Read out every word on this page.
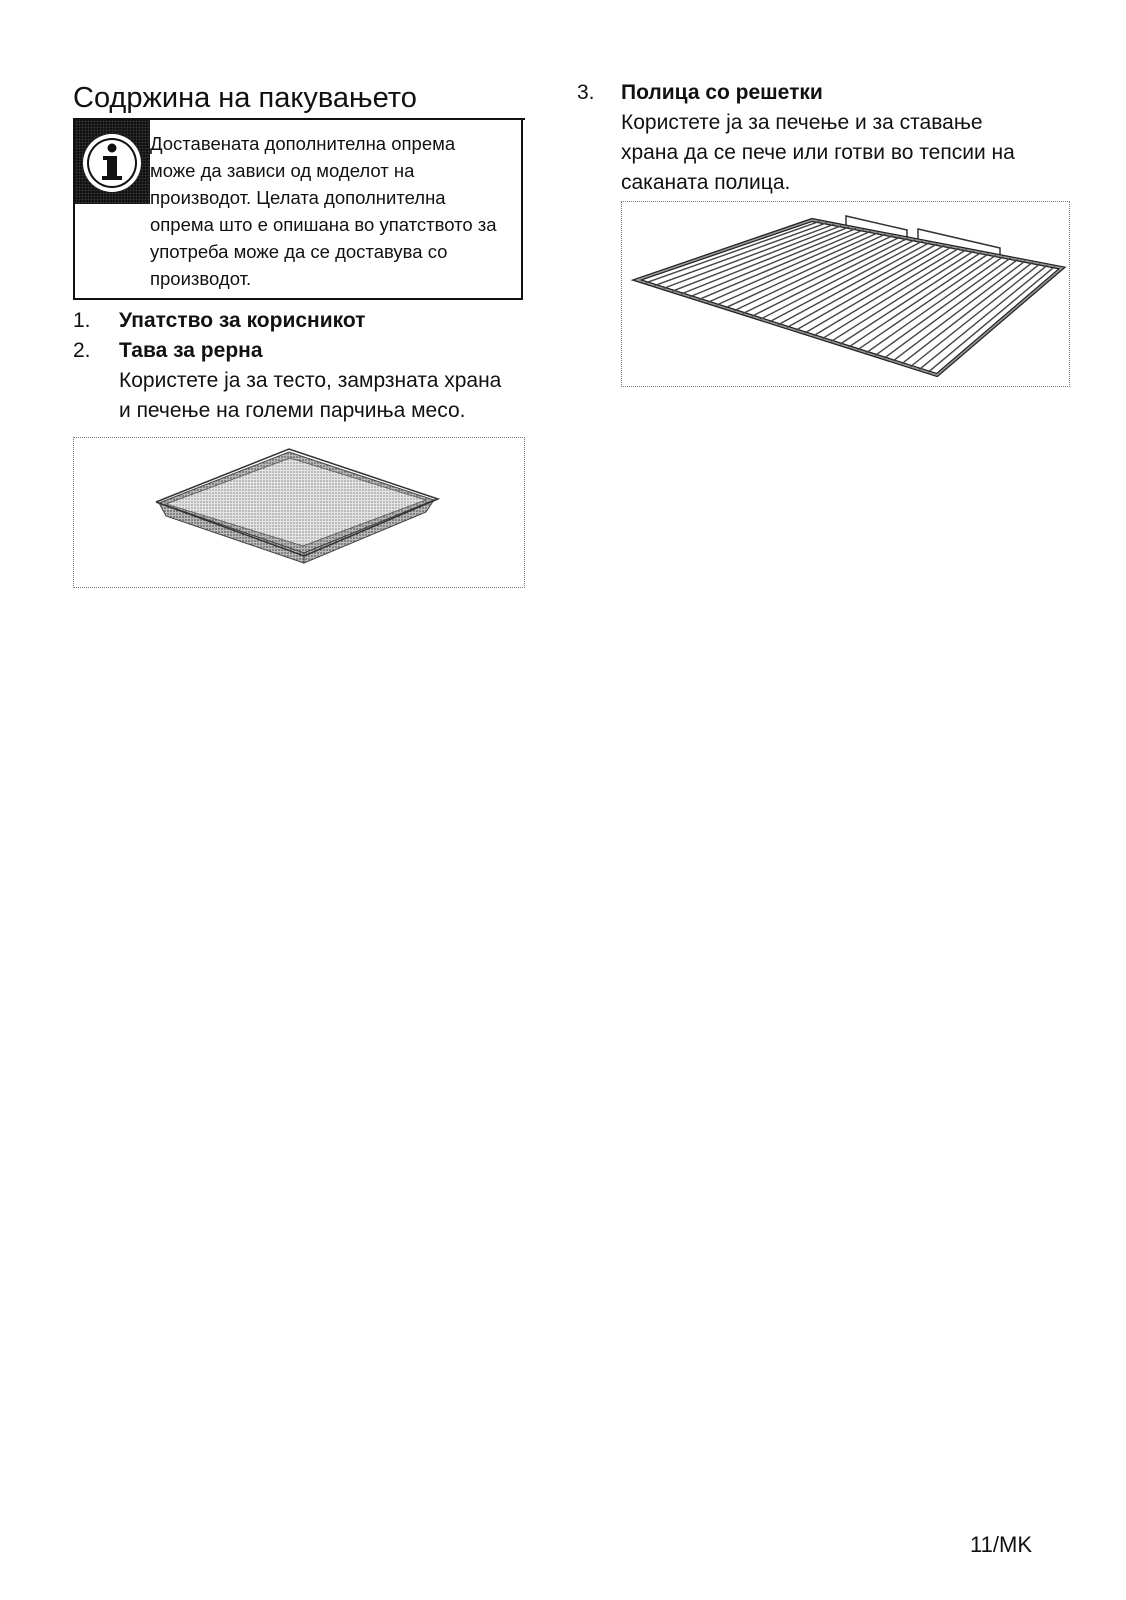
Содржина на пакувањето
Доставената дополнителна опрема
може да зависи од моделот на
производот. Целата дополнителна
опрема што е опишана во упатството за
употреба може да се доставува со
производот.
1.	Упатство за корисникот
2.	Тава за рерна
Користете ја за тесто, замрзната храна
и печење на големи парчиња месо.
3.	Полица со решетки
Користете ја за печење и за ставање
храна да се пече или готви во тепсии на
саканата полица.
11/MK
